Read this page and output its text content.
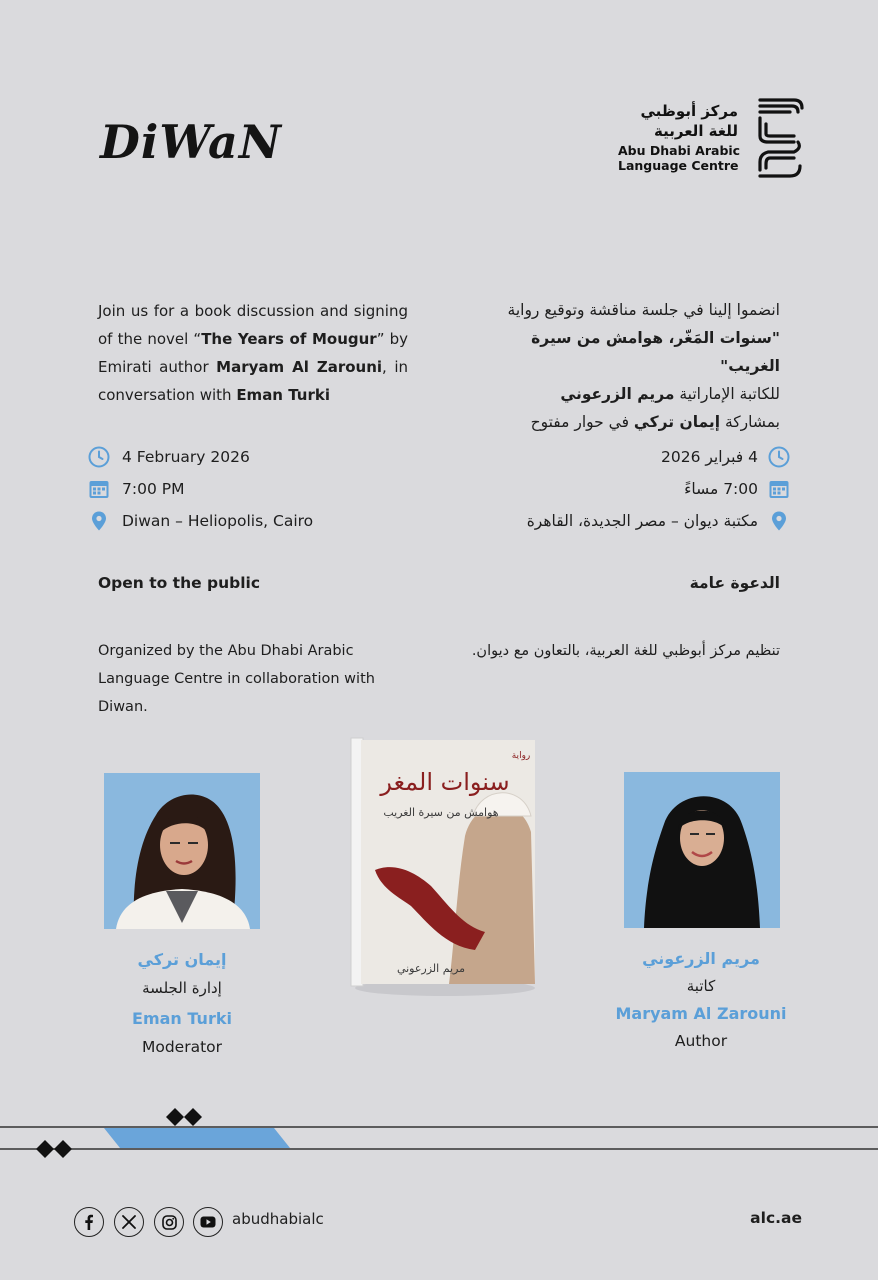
DiWaN
مركز أبوظبي
للغة العربية
Abu Dhabi Arabic
Language Centre
Join us for a book discussion and signing of the novel “The Years of Mougur” by Emirati author Maryam Al Zarouni, in conversation with Eman Turki
انضموا إلينا في جلسة مناقشة وتوقيع رواية
"سنوات المَغّر، هوامش من سيرة الغريب"
للكاتبة الإماراتية مريم الزرعوني
بمشاركة إيمان تركي في حوار مفتوح
4 February 2026
7:00 PM
Diwan – Heliopolis, Cairo
4 فبراير 2026
7:00 مساءً
مكتبة ديوان – مصر الجديدة، القاهرة
Open to the public	الدعوة عامة
Organized by the Abu Dhabi Arabic Language Centre in collaboration with Diwan.
تنظيم مركز أبوظبي للغة العربية، بالتعاون مع ديوان.
سنوات المغر
هوامش من سيرة الغريب
مريم الزرعوني
رواية
إيمان تركي
إدارة الجلسة
Eman Turki
Moderator
مريم الزرعوني
كاتبة
Maryam Al Zarouni
Author
abudhabialc	alc.ae
